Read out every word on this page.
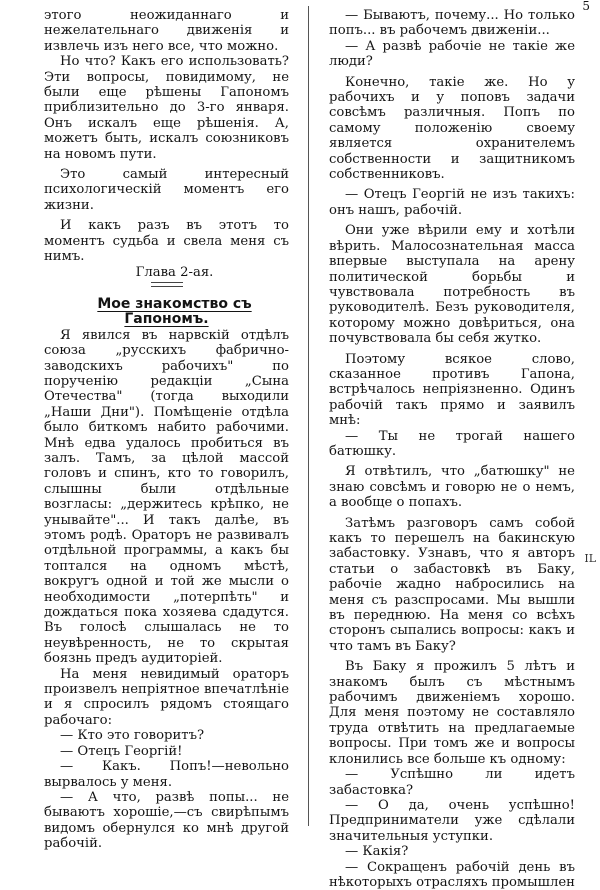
5

этого неожиданнаго и нежелательнаго движенія и извлечь изъ него все, что можно.

Но что? Какъ его использовать? Эти вопросы, повидимому, не были еще рѣшены Гапономъ приблизительно до 3-го января. Онъ искалъ еще рѣшенія. А, можетъ быть, искалъ союзниковъ на новомъ пути.

Это самый интересный психологическій моментъ его жизни.

И какъ разъ въ этотъ то моментъ судьба и свела меня съ нимъ.

Глава 2-ая.

Мое знакомство съ Гапономъ.

Я явился въ нарвскій отдѣлъ союза „русскихъ фабрично-заводскихъ рабочихъ" по порученію редакціи „Сына Отечества" (тогда выходили „Наши Дни"). Помѣщеніе отдѣла было биткомъ набито рабочими. Мнѣ едва удалось пробиться въ залъ. Тамъ, за цѣлой массой головъ и спинъ, кто то говорилъ, слышны были отдѣльные возгласы: „держитесь крѣпко, не унывайте"... И такъ далѣе, въ этомъ родѣ. Ораторъ не развивалъ отдѣльной программы, а какъ бы топтался на одномъ мѣстѣ, вокругъ одной и той же мысли о необходимости „потерпѣть" и дождаться пока хозяева сдадутся. Въ голосѣ слышалась не то неувѣренность, не то скрытая боязнь предъ аудиторіей.

На меня невидимый ораторъ произвелъ непріятное впечатлѣніе и я спросилъ рядомъ стоящаго рабочаго:

— Кто это говоритъ?

— Отецъ Георгій!

— Какъ. Попъ!—невольно вырвалось у меня.

— А что, развѣ попы... не бываютъ хорошіе,—съ свирѣпымъ видомъ обернулся ко мнѣ другой рабочій.

— Бываютъ, почему... Но только попъ... въ рабочемъ движеніи...

— А развѣ рабочіе не такіе же люди?

Конечно, такіе же. Но у рабочихъ и у поповъ задачи совсѣмъ различныя. Попъ по самому положенію своему является охранителемъ собственности и защитникомъ собственниковъ.

— Отецъ Георгій не изъ такихъ: онъ нашъ, рабочій.

Они уже вѣрили ему и хотѣли вѣрить. Малосознательная масса впервые выступала на арену политической борьбы и чувствовала потребность въ руководителѣ. Безъ руководителя, которому можно довѣриться, она почувствовала бы себя жутко.

Поэтому всякое слово, сказанное противъ Гапона, встрѣчалось непріязненно. Одинъ рабочій такъ прямо и заявилъ мнѣ:

— Ты не трогай нашего батюшку.

Я отвѣтилъ, что „батюшку" не знаю совсѣмъ и говорю не о немъ, а вообще о попахъ.

Затѣмъ разговоръ самъ собой какъ то перешелъ на бакинскую забастовку. Узнавъ, что я авторъ статьи о забастовкѣ въ Баку, рабочіе жадно набросились на меня съ разспросами. Мы вышли въ переднюю. На меня со всѣхъ сторонъ сыпались вопросы: какъ и что тамъ въ Баку?

Въ Баку я прожилъ 5 лѣтъ и знакомъ былъ съ мѣстнымъ рабочимъ движеніемъ хорошо. Для меня поэтому не составляло труда отвѣтить на предлагаемые вопросы. При томъ же и вопросы клонились все больше къ одному:

— Успѣшно ли идетъ забастовка?

— О да, очень успѣшно! Предприниматели уже сдѣлали значительныя уступки.

— Какія?

— Сокращенъ рабочій день въ нѣкоторыхъ отрасляхъ промышлен

IL
